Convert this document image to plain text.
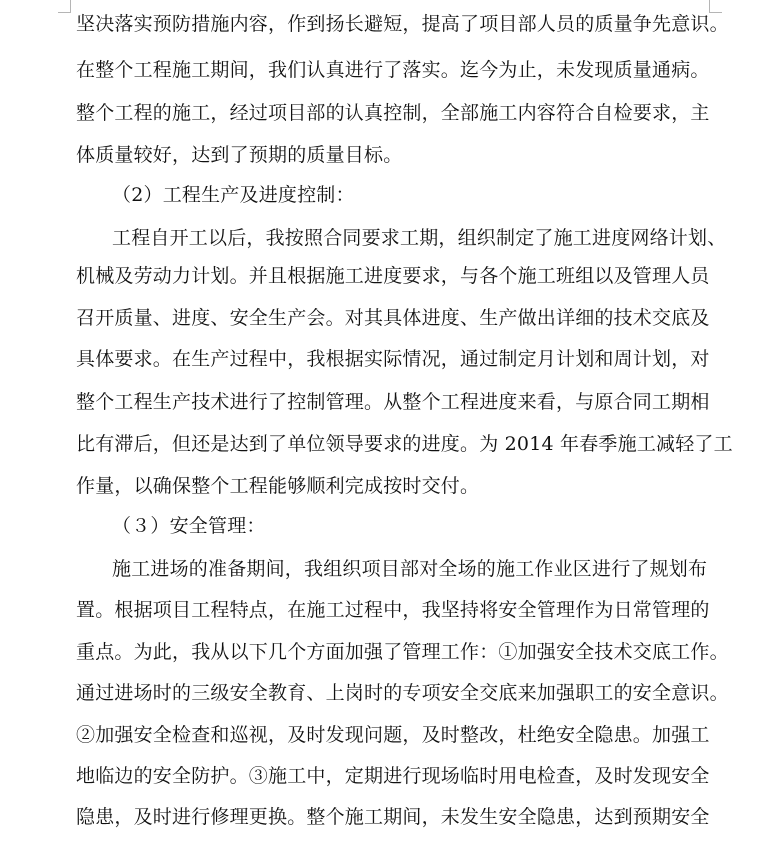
坚决落实预防措施内容，作到扬长避短，提高了项目部人员的质量争先意识。
在整个工程施工期间，我们认真进行了落实。迄今为止，未发现质量通病。
整个工程的施工，经过项目部的认真控制，全部施工内容符合自检要求，主
体质量较好，达到了预期的质量目标。
（2）工程生产及进度控制：
工程自开工以后，我按照合同要求工期，组织制定了施工进度网络计划、
机械及劳动力计划。并且根据施工进度要求，与各个施工班组以及管理人员
召开质量、进度、安全生产会。对其具体进度、生产做出详细的技术交底及
具体要求。在生产过程中，我根据实际情况，通过制定月计划和周计划，对
整个工程生产技术进行了控制管理。从整个工程进度来看，与原合同工期相
比有滞后，但还是达到了单位领导要求的进度。为 2014 年春季施工减轻了工
作量，以确保整个工程能够顺利完成按时交付。
（３）安全管理：
施工进场的准备期间，我组织项目部对全场的施工作业区进行了规划布
置。根据项目工程特点，在施工过程中，我坚持将安全管理作为日常管理的
重点。为此，我从以下几个方面加强了管理工作：①加强安全技术交底工作。
通过进场时的三级安全教育、上岗时的专项安全交底来加强职工的安全意识。
②加强安全检查和巡视，及时发现问题，及时整改，杜绝安全隐患。加强工
地临边的安全防护。③施工中，定期进行现场临时用电检查，及时发现安全
隐患，及时进行修理更换。整个施工期间，未发生安全隐患，达到预期安全
